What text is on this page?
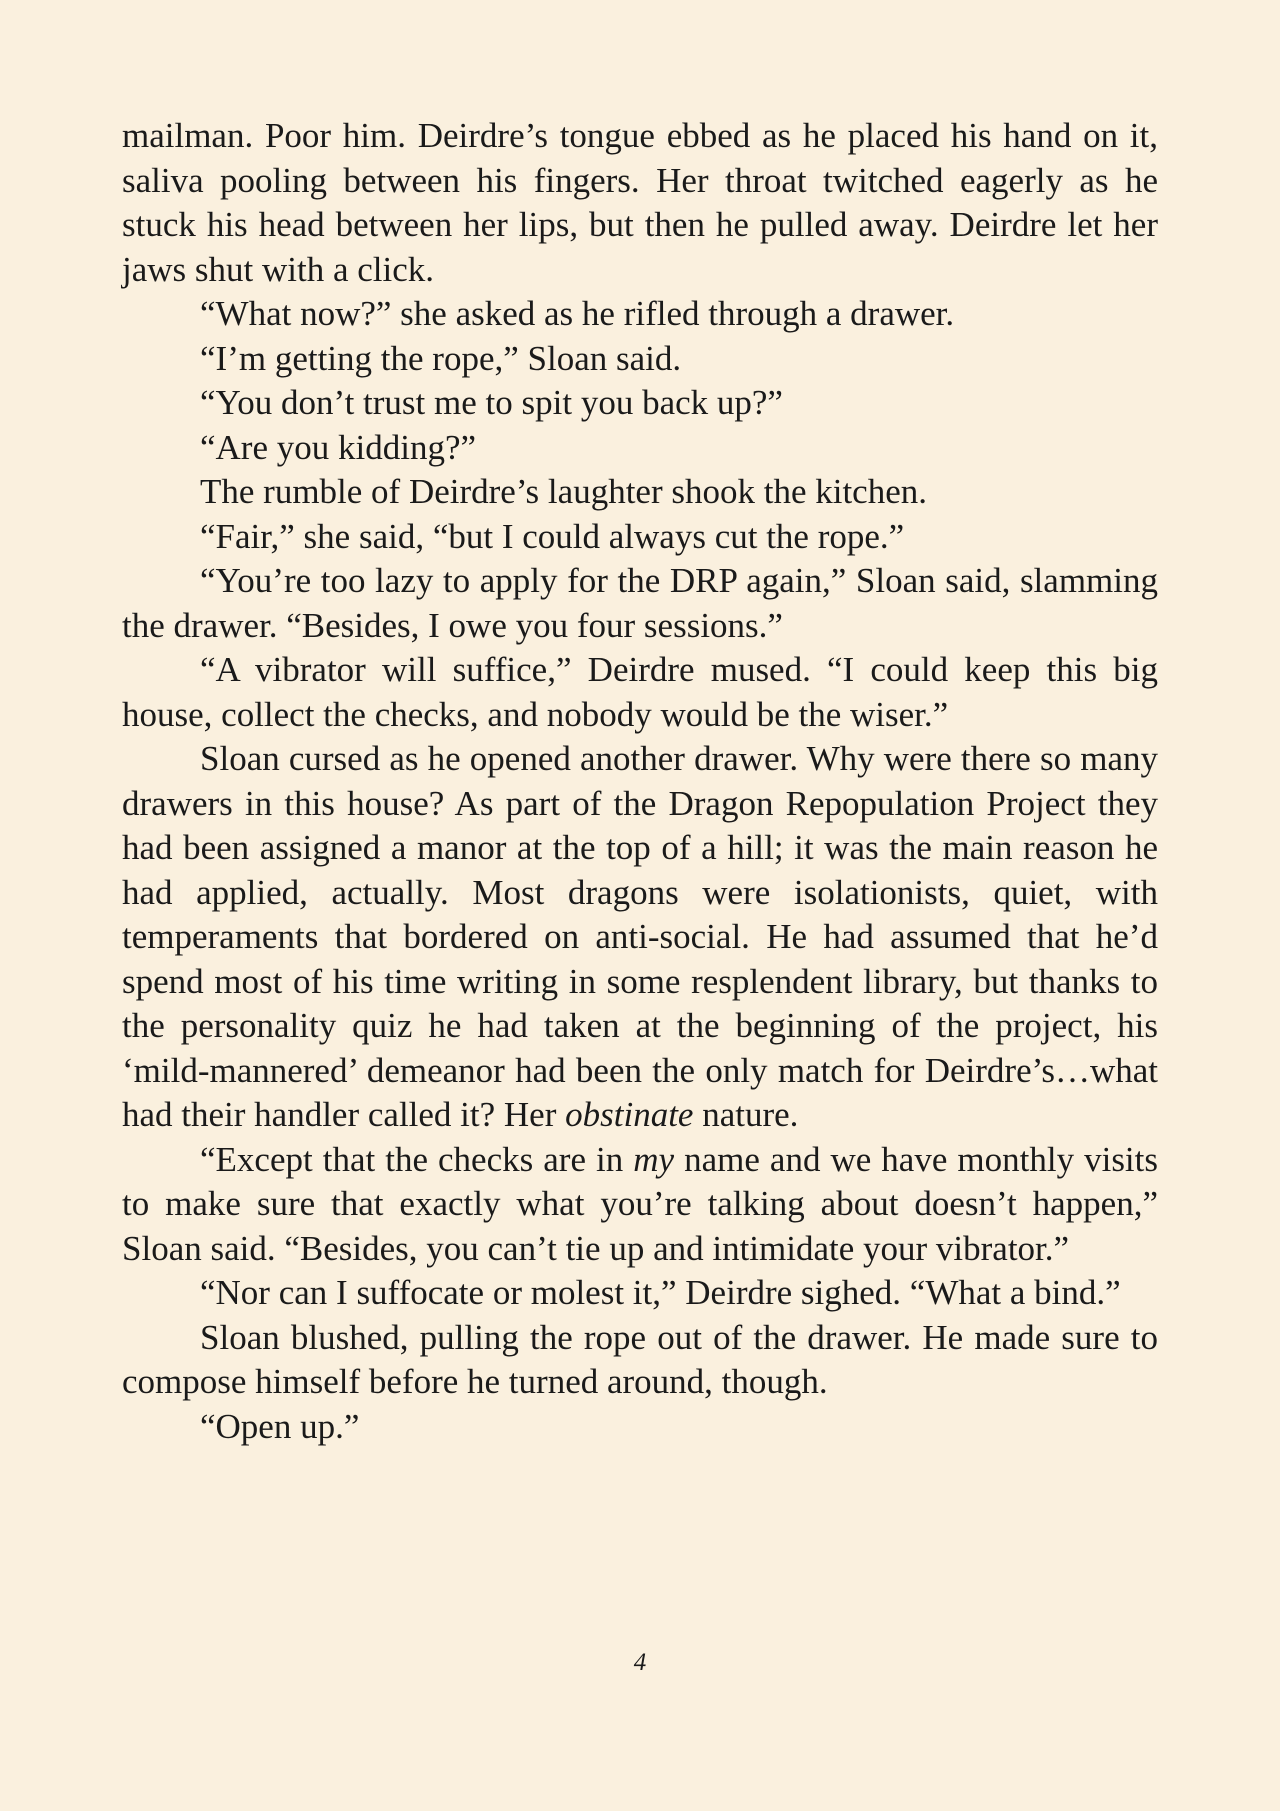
mailman. Poor him. Deirdre’s tongue ebbed as he placed his hand on it, saliva pooling between his fingers. Her throat twitched eagerly as he stuck his head between her lips, but then he pulled away. Deirdre let her jaws shut with a click.

“What now?” she asked as he rifled through a drawer.

“I’m getting the rope,” Sloan said.

“You don’t trust me to spit you back up?”

“Are you kidding?”

The rumble of Deirdre’s laughter shook the kitchen.

“Fair,” she said, “but I could always cut the rope.”

“You’re too lazy to apply for the DRP again,” Sloan said, slamming the drawer. “Besides, I owe you four sessions.”

“A vibrator will suffice,” Deirdre mused. “I could keep this big house, collect the checks, and nobody would be the wiser.”

Sloan cursed as he opened another drawer. Why were there so many drawers in this house? As part of the Dragon Repopulation Project they had been assigned a manor at the top of a hill; it was the main reason he had applied, actually. Most dragons were isolationists, quiet, with temperaments that bordered on anti-social. He had assumed that he’d spend most of his time writing in some resplendent library, but thanks to the personality quiz he had taken at the beginning of the project, his ‘mild-mannered’ demeanor had been the only match for Deirdre’s…what had their handler called it? Her obstinate nature.

“Except that the checks are in my name and we have monthly visits to make sure that exactly what you’re talking about doesn’t happen,” Sloan said. “Besides, you can’t tie up and intimidate your vibrator.”

“Nor can I suffocate or molest it,” Deirdre sighed. “What a bind.”

Sloan blushed, pulling the rope out of the drawer. He made sure to compose himself before he turned around, though.

“Open up.”

4
